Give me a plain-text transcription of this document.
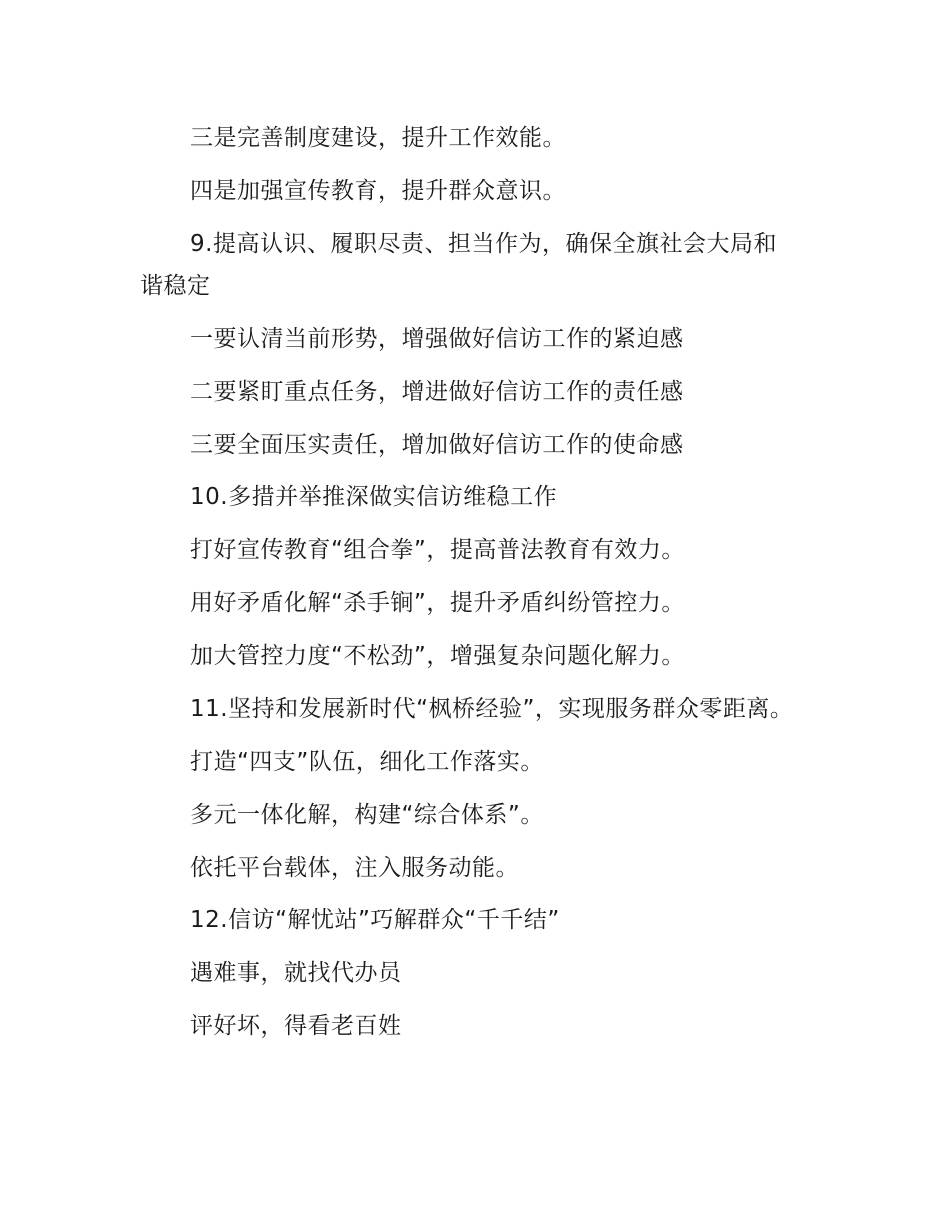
三是完善制度建设，提升工作效能。
四是加强宣传教育，提升群众意识。
9.提高认识、履职尽责、担当作为，确保全旗社会大局和
谐稳定
一要认清当前形势，增强做好信访工作的紧迫感
二要紧盯重点任务，增进做好信访工作的责任感
三要全面压实责任，增加做好信访工作的使命感
10.多措并举推深做实信访维稳工作
打好宣传教育“组合拳”，提高普法教育有效力。
用好矛盾化解“杀手锏”，提升矛盾纠纷管控力。
加大管控力度“不松劲”，增强复杂问题化解力。
11.坚持和发展新时代“枫桥经验”，实现服务群众零距离。
打造“四支”队伍，细化工作落实。
多元一体化解，构建“综合体系”。
依托平台载体，注入服务动能。
12.信访“解忧站”巧解群众“千千结”
遇难事，就找代办员
评好坏，得看老百姓
